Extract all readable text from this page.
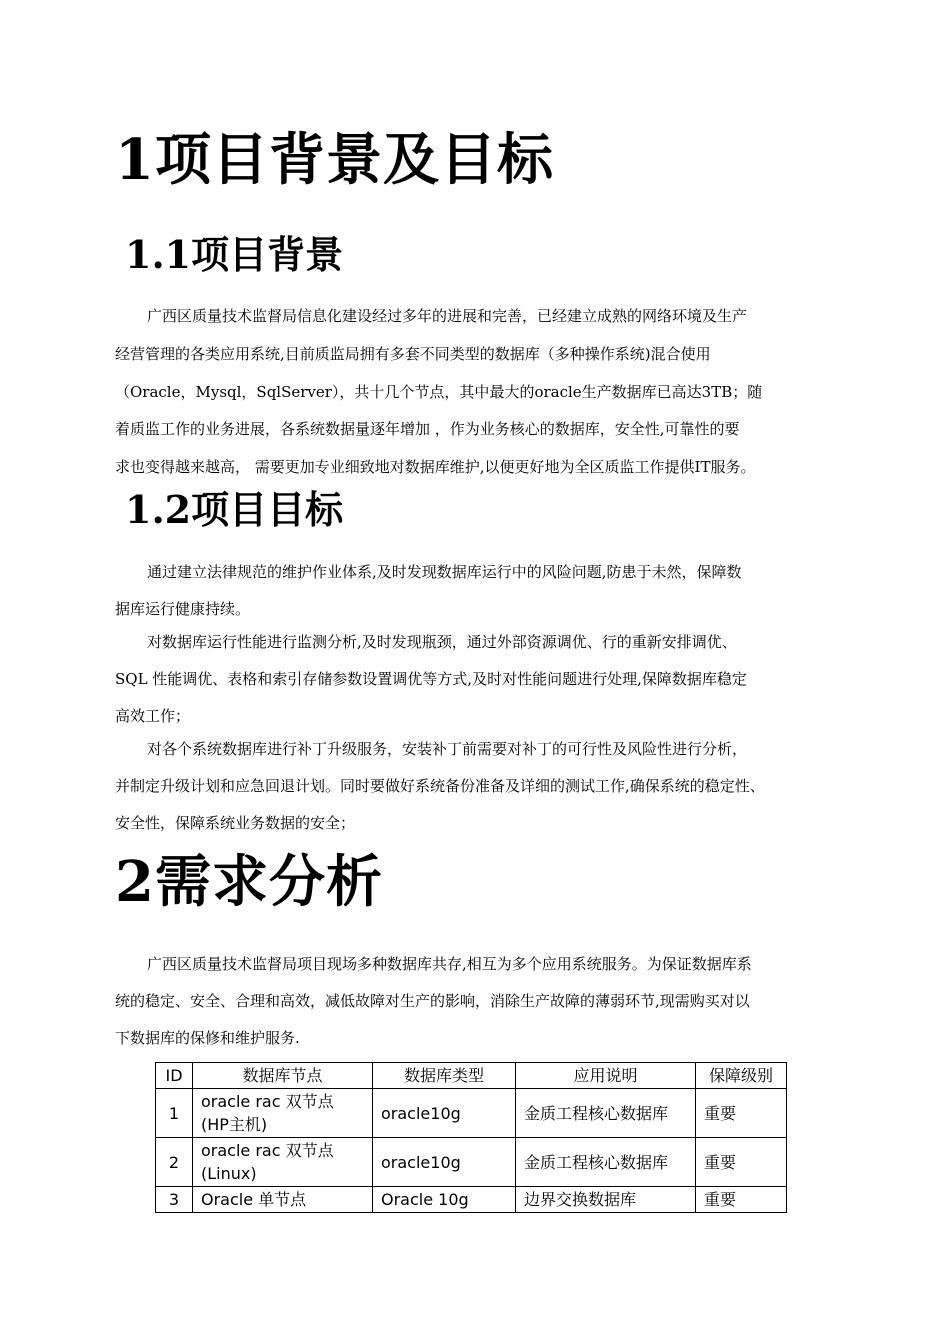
1项目背景及目标
1.1项目背景
广西区质量技术监督局信息化建设经过多年的进展和完善，已经建立成熟的网络环境及生产
经营管理的各类应用系统,目前质监局拥有多套不同类型的数据库（多种操作系统)混合使用
（Oracle，Mysql，SqlServer），共十几个节点，其中最大的oracle生产数据库已高达3TB；随
着质监工作的业务进展，各系统数据量逐年增加 ，作为业务核心的数据库，安全性,可靠性的要
求也变得越来越高， 需要更加专业细致地对数据库维护,以便更好地为全区质监工作提供IT服务。
1.2项目目标
通过建立法律规范的维护作业体系,及时发现数据库运行中的风险问题,防患于未然，保障数
据库运行健康持续。
对数据库运行性能进行监测分析,及时发现瓶颈，通过外部资源调优、行的重新安排调优、
SQL 性能调优、表格和索引存储参数设置调优等方式,及时对性能问题进行处理,保障数据库稳定
高效工作；
对各个系统数据库进行补丁升级服务，安装补丁前需要对补丁的可行性及风险性进行分析，
并制定升级计划和应急回退计划。同时要做好系统备份准备及详细的测试工作,确保系统的稳定性、
安全性，保障系统业务数据的安全；
2需求分析
广西区质量技术监督局项目现场多种数据库共存,相互为多个应用系统服务。为保证数据库系
统的稳定、安全、合理和高效，减低故障对生产的影响，消除生产故障的薄弱环节,现需购买对以
下数据库的保修和维护服务.
ID	数据库节点	数据库类型	应用说明	保障级别
1	oracle rac 双节点
(HP主机)	oracle10g	金质工程核心数据库	重要
2	oracle rac 双节点
(Linux)	oracle10g	金质工程核心数据库	重要
3	Oracle 单节点	Oracle 10g	边界交换数据库	重要
